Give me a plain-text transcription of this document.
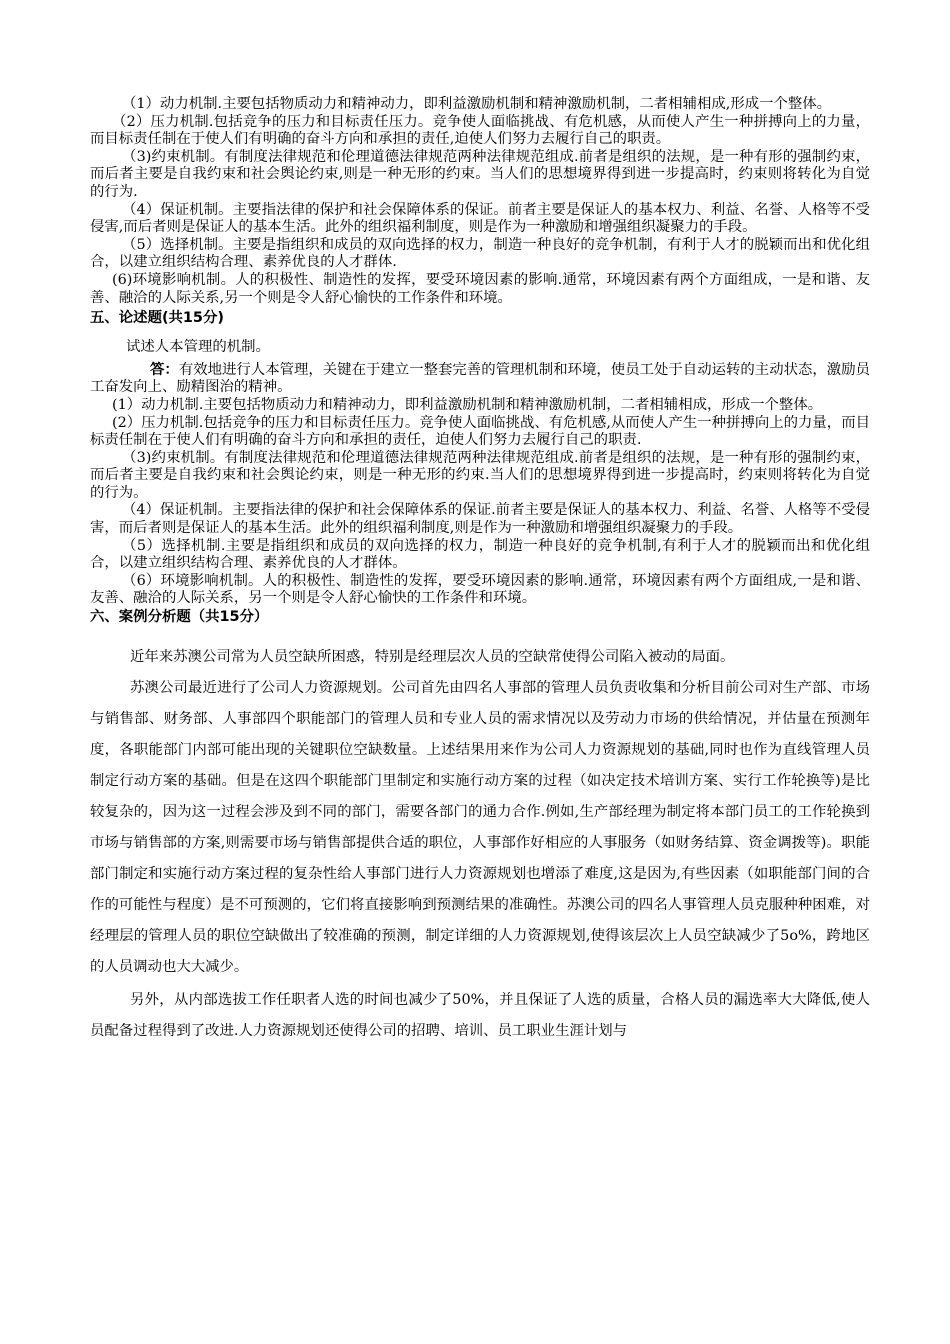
（1）动力机制.主要包括物质动力和精神动力，即利益激励机制和精神激励机制，二者相辅相成,形成一个整体。

（2）压力机制.包括竞争的压力和目标责任压力。竞争使人面临挑战、有危机感，从而使人产生一种拼搏向上的力量，而目标责任制在于使人们有明确的奋斗方向和承担的责任,迫使人们努力去履行自己的职责。

（3)约束机制。有制度法律规范和伦理道德法律规范两种法律规范组成.前者是组织的法规，是一种有形的强制约束，而后者主要是自我约束和社会舆论约束,则是一种无形的约束。当人们的思想境界得到进一步提高时，约束则将转化为自觉的行为.

（4）保证机制。主要指法律的保护和社会保障体系的保证。前者主要是保证人的基本权力、利益、名誉、人格等不受侵害,而后者则是保证人的基本生活。此外的组织福利制度，则是作为一种激励和增强组织凝聚力的手段。

（5）选择机制。主要是指组织和成员的双向选择的权力，制造一种良好的竞争机制，有利于人才的脱颖而出和优化组合，以建立组织结构合理、素养优良的人才群体.

(6)环境影响机制。人的积极性、制造性的发挥，要受环境因素的影响.通常，环境因素有两个方面组成，一是和谐、友善、融洽的人际关系,另一个则是令人舒心愉快的工作条件和环境。

五、论述题(共15分)

试述人本管理的机制。

答：有效地进行人本管理，关键在于建立一整套完善的管理机制和环境，使员工处于自动运转的主动状态，激励员工奋发向上、励精图治的精神。

(1）动力机制.主要包括物质动力和精神动力，即利益激励机制和精神激励机制，二者相辅相成，形成一个整体。

(2）压力机制.包括竞争的压力和目标责任压力。竞争使人面临挑战、有危机感,从而使人产生一种拼搏向上的力量，而目标责任制在于使人们有明确的奋斗方向和承担的责任，迫使人们努力去履行自己的职责.

（3)约束机制。有制度法律规范和伦理道德法律规范两种法律规范组成.前者是组织的法规，是一种有形的强制约束，而后者主要是自我约束和社会舆论约束，则是一种无形的约束.当人们的思想境界得到进一步提高时，约束则将转化为自觉的行为。

（4）保证机制。主要指法律的保护和社会保障体系的保证.前者主要是保证人的基本权力、利益、名誉、人格等不受侵害，而后者则是保证人的基本生活。此外的组织福利制度,则是作为一种激励和增强组织凝聚力的手段。

（5）选择机制.主要是指组织和成员的双向选择的权力，制造一种良好的竞争机制,有利于人才的脱颖而出和优化组合，以建立组织结构合理、素养优良的人才群体。

（6）环境影响机制。人的积极性、制造性的发挥，要受环境因素的影响.通常，环境因素有两个方面组成,一是和谐、友善、融洽的人际关系，另一个则是令人舒心愉快的工作条件和环境。

六、案例分析题（共15分）

近年来苏澳公司常为人员空缺所困惑，特别是经理层次人员的空缺常使得公司陷入被动的局面。

苏澳公司最近进行了公司人力资源规划。公司首先由四名人事部的管理人员负责收集和分析目前公司对生产部、市场与销售部、财务部、人事部四个职能部门的管理人员和专业人员的需求情况以及劳动力市场的供给情况，并估量在预测年度，各职能部门内部可能出现的关键职位空缺数量。上述结果用来作为公司人力资源规划的基础,同时也作为直线管理人员制定行动方案的基础。但是在这四个职能部门里制定和实施行动方案的过程（如决定技术培训方案、实行工作轮换等)是比较复杂的，因为这一过程会涉及到不同的部门，需要各部门的通力合作.例如,生产部经理为制定将本部门员工的工作轮换到市场与销售部的方案,则需要市场与销售部提供合适的职位，人事部作好相应的人事服务（如财务结算、资金调拨等)。职能部门制定和实施行动方案过程的复杂性给人事部门进行人力资源规划也增添了难度,这是因为,有些因素（如职能部门间的合作的可能性与程度）是不可预测的，它们将直接影响到预测结果的准确性。苏澳公司的四名人事管理人员克服种种困难，对经理层的管理人员的职位空缺做出了较准确的预测，制定详细的人力资源规划,使得该层次上人员空缺减少了5o%，跨地区的人员调动也大大减少。

另外，从内部选拔工作任职者人选的时间也减少了50%，并且保证了人选的质量，合格人员的漏选率大大降低,使人员配备过程得到了改进.人力资源规划还使得公司的招聘、培训、员工职业生涯计划与
